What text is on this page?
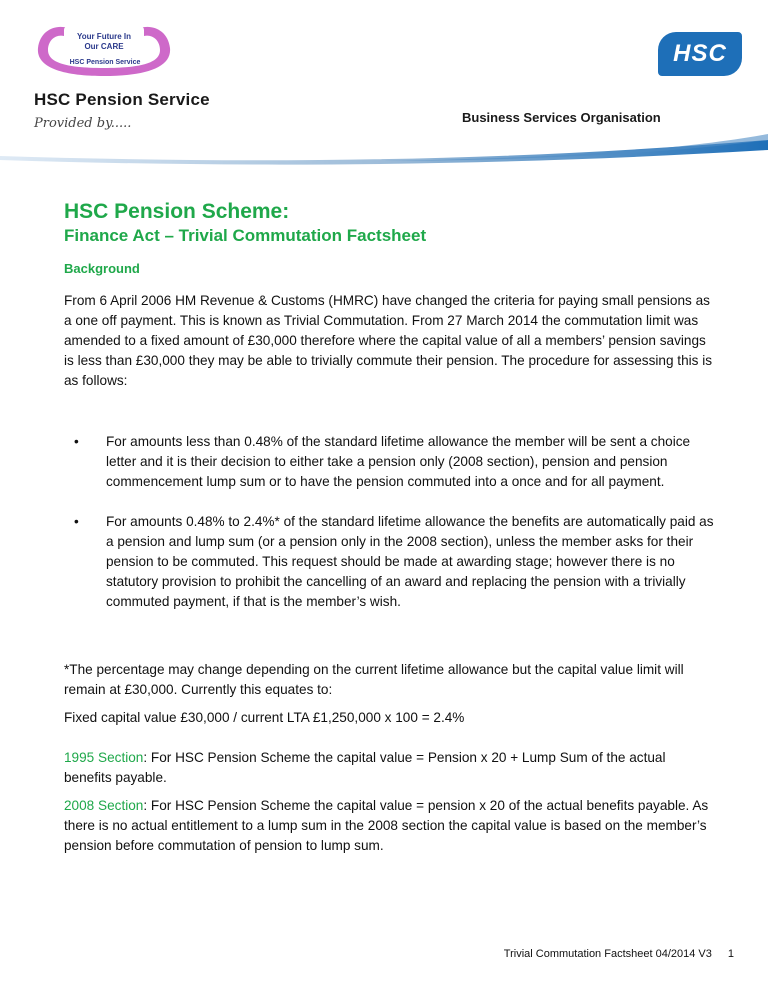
Your Future In
Our CARE
HSC Pension Service
HSC Pension Service
Provided by.....
HSC
Business Services Organisation
HSC Pension Scheme:
Finance Act – Trivial Commutation Factsheet
Background
From 6 April 2006 HM Revenue & Customs (HMRC) have changed the criteria for paying small pensions as a one off payment. This is known as Trivial Commutation. From 27 March 2014 the commutation limit was amended to a fixed amount of £30,000 therefore where the capital value of all a members’ pension savings is less than £30,000 they may be able to trivially commute their pension. The procedure for assessing this is as follows:
• For amounts less than 0.48% of the standard lifetime allowance the member will be sent a choice letter and it is their decision to either take a pension only (2008 section), pension and pension commencement lump sum or to have the pension commuted into a once and for all payment.
• For amounts 0.48% to 2.4%* of the standard lifetime allowance the benefits are automatically paid as a pension and lump sum (or a pension only in the 2008 section), unless the member asks for their pension to be commuted. This request should be made at awarding stage; however there is no statutory provision to prohibit the cancelling of an award and replacing the pension with a trivially commuted payment, if that is the member’s wish.
*The percentage may change depending on the current lifetime allowance but the capital value limit will remain at £30,000. Currently this equates to:
Fixed capital value £30,000 / current LTA £1,250,000 x 100 = 2.4%
1995 Section: For HSC Pension Scheme the capital value = Pension x 20 + Lump Sum of the actual benefits payable.
2008 Section: For HSC Pension Scheme the capital value = pension x 20 of the actual benefits payable. As there is no actual entitlement to a lump sum in the 2008 section the capital value is based on the member’s pension before commutation of pension to lump sum.
Trivial Commutation Factsheet 04/2014 V3 1
